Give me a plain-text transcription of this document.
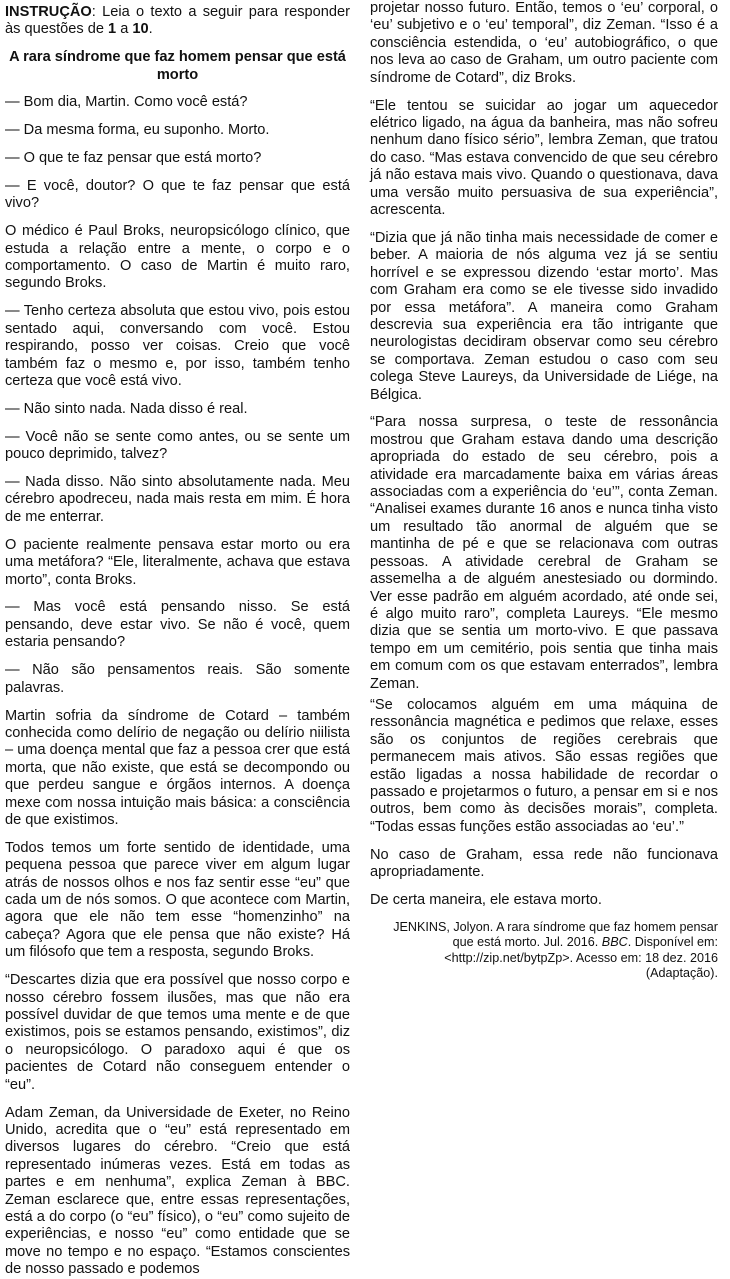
INSTRUÇÃO: Leia o texto a seguir para responder às questões de 1 a 10.

A rara síndrome que faz homem pensar que está morto

— Bom dia, Martin. Como você está?

— Da mesma forma, eu suponho. Morto.

— O que te faz pensar que está morto?

— E você, doutor? O que te faz pensar que está vivo?

O médico é Paul Broks, neuropsicólogo clínico, que estuda a relação entre a mente, o corpo e o comportamento. O caso de Martin é muito raro, segundo Broks.

— Tenho certeza absoluta que estou vivo, pois estou sentado aqui, conversando com você. Estou respirando, posso ver coisas. Creio que você também faz o mesmo e, por isso, também tenho certeza que você está vivo.

— Não sinto nada. Nada disso é real.

— Você não se sente como antes, ou se sente um pouco deprimido, talvez?

— Nada disso. Não sinto absolutamente nada. Meu cérebro apodreceu, nada mais resta em mim. É hora de me enterrar.

O paciente realmente pensava estar morto ou era uma metáfora? “Ele, literalmente, achava que estava morto”, conta Broks.

— Mas você está pensando nisso. Se está pensando, deve estar vivo. Se não é você, quem estaria pensando?

— Não são pensamentos reais. São somente palavras.

Martin sofria da síndrome de Cotard – também conhecida como delírio de negação ou delírio niilista – uma doença mental que faz a pessoa crer que está morta, que não existe, que está se decompondo ou que perdeu sangue e órgãos internos. A doença mexe com nossa intuição mais básica: a consciência de que existimos.

Todos temos um forte sentido de identidade, uma pequena pessoa que parece viver em algum lugar atrás de nossos olhos e nos faz sentir esse “eu” que cada um de nós somos. O que acontece com Martin, agora que ele não tem esse “homenzinho” na cabeça? Agora que ele pensa que não existe? Há um filósofo que tem a resposta, segundo Broks.

“Descartes dizia que era possível que nosso corpo e nosso cérebro fossem ilusões, mas que não era possível duvidar de que temos uma mente e de que existimos, pois se estamos pensando, existimos”, diz o neuropsicólogo. O paradoxo aqui é que os pacientes de Cotard não conseguem entender o “eu”.

Adam Zeman, da Universidade de Exeter, no Reino Unido, acredita que o “eu” está representado em diversos lugares do cérebro. “Creio que está representado inúmeras vezes. Está em todas as partes e em nenhuma”, explica Zeman à BBC. Zeman esclarece que, entre essas representações, está a do corpo (o “eu” físico), o “eu” como sujeito de experiências, e nosso “eu” como entidade que se move no tempo e no espaço. “Estamos conscientes de nosso passado e podemos

projetar nosso futuro. Então, temos o ‘eu’ corporal, o ‘eu’ subjetivo e o ‘eu’ temporal”, diz Zeman. “Isso é a consciência estendida, o ‘eu’ autobiográfico, o que nos leva ao caso de Graham, um outro paciente com síndrome de Cotard”, diz Broks.

“Ele tentou se suicidar ao jogar um aquecedor elétrico ligado, na água da banheira, mas não sofreu nenhum dano físico sério”, lembra Zeman, que tratou do caso. “Mas estava convencido de que seu cérebro já não estava mais vivo. Quando o questionava, dava uma versão muito persuasiva de sua experiência”, acrescenta.

“Dizia que já não tinha mais necessidade de comer e beber. A maioria de nós alguma vez já se sentiu horrível e se expressou dizendo ‘estar morto’. Mas com Graham era como se ele tivesse sido invadido por essa metáfora”. A maneira como Graham descrevia sua experiência era tão intrigante que neurologistas decidiram observar como seu cérebro se comportava. Zeman estudou o caso com seu colega Steve Laureys, da Universidade de Liége, na Bélgica.

“Para nossa surpresa, o teste de ressonância mostrou que Graham estava dando uma descrição apropriada do estado de seu cérebro, pois a atividade era marcadamente baixa em várias áreas associadas com a experiência do ‘eu’”, conta Zeman. “Analisei exames durante 16 anos e nunca tinha visto um resultado tão anormal de alguém que se mantinha de pé e que se relacionava com outras pessoas. A atividade cerebral de Graham se assemelha a de alguém anestesiado ou dormindo. Ver esse padrão em alguém acordado, até onde sei, é algo muito raro”, completa Laureys. “Ele mesmo dizia que se sentia um morto-vivo. E que passava tempo em um cemitério, pois sentia que tinha mais em comum com os que estavam enterrados”, lembra Zeman.

“Se colocamos alguém em uma máquina de ressonância magnética e pedimos que relaxe, esses são os conjuntos de regiões cerebrais que permanecem mais ativos. São essas regiões que estão ligadas a nossa habilidade de recordar o passado e projetarmos o futuro, a pensar em si e nos outros, bem como às decisões morais”, completa. “Todas essas funções estão associadas ao ‘eu’.”

No caso de Graham, essa rede não funcionava apropriadamente.

De certa maneira, ele estava morto.

JENKINS, Jolyon. A rara síndrome que faz homem pensar que está morto. Jul. 2016. BBC. Disponível em: <http://zip.net/bytpZp>. Acesso em: 18 dez. 2016 (Adaptação).
